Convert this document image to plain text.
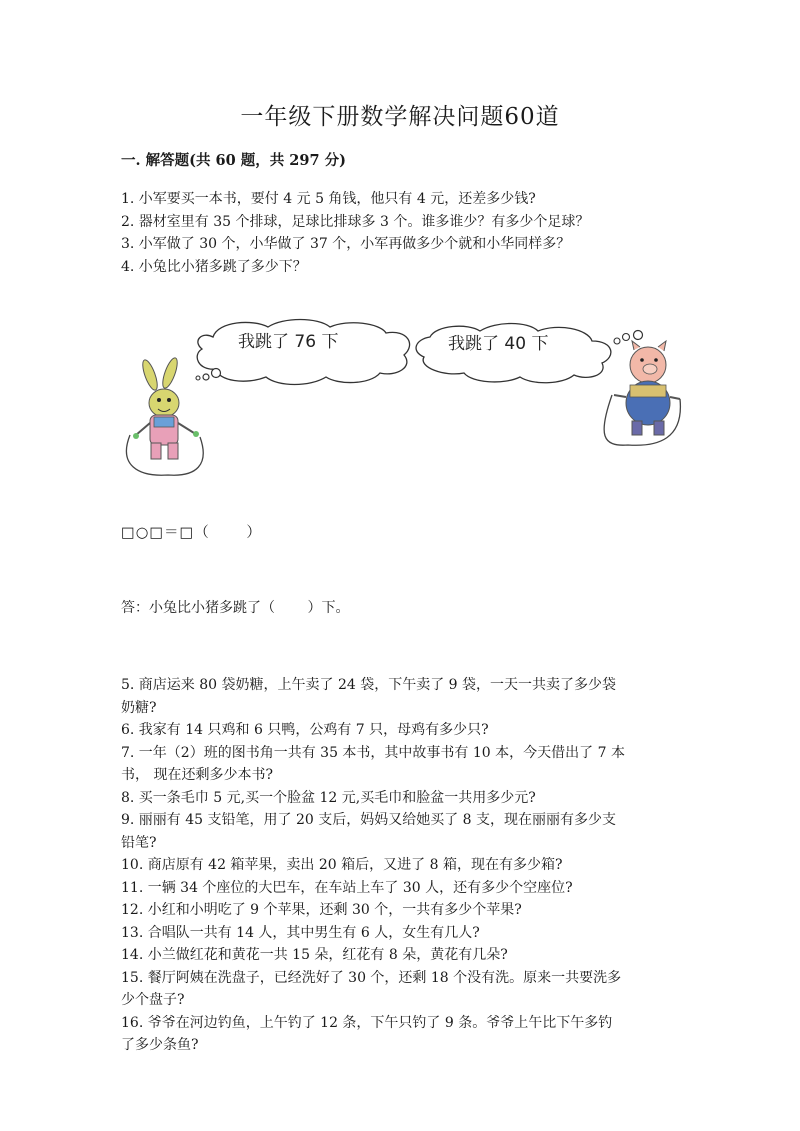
一年级下册数学解决问题60道
一. 解答题(共 60 题，共 297 分)

1. 小军要买一本书，要付 4 元 5 角钱，他只有 4 元，还差多少钱?

2. 器材室里有 35 个排球，足球比排球多 3 个。谁多谁少？有多少个足球？

3. 小军做了 30 个，小华做了 37 个，小军再做多少个就和小华同样多？

4. 小兔比小猪多跳了多少下？

我跳了 76 下	我跳了 40 下
□○□＝□（　　 ）
答：小兔比小猪多跳了（　　 ）下。

5. 商店运来 80 袋奶糖，上午卖了 24 袋，下午卖了 9 袋，一天一共卖了多少袋

奶糖?

6. 我家有 14 只鸡和 6 只鸭，公鸡有 7 只，母鸡有多少只?

7. 一年（2）班的图书角一共有 35 本书，其中故事书有 10 本，今天借出了 7 本

书， 现在还剩多少本书?

8. 买一条毛巾 5 元,买一个脸盆 12 元,买毛巾和脸盆一共用多少元?

9. 丽丽有 45 支铅笔，用了 20 支后，妈妈又给她买了 8 支，现在丽丽有多少支

铅笔?

10. 商店原有 42 箱苹果，卖出 20 箱后，又进了 8 箱，现在有多少箱?

11. 一辆 34 个座位的大巴车，在车站上车了 30 人，还有多少个空座位?

12. 小红和小明吃了 9 个苹果，还剩 30 个，一共有多少个苹果?

13. 合唱队一共有 14 人，其中男生有 6 人，女生有几人?

14. 小兰做红花和黄花一共 15 朵，红花有 8 朵，黄花有几朵?

15. 餐厅阿姨在洗盘子，已经洗好了 30 个，还剩 18 个没有洗。原来一共要洗多

少个盘子?

16. 爷爷在河边钓鱼，上午钓了 12 条，下午只钓了 9 条。爷爷上午比下午多钓

了多少条鱼?
